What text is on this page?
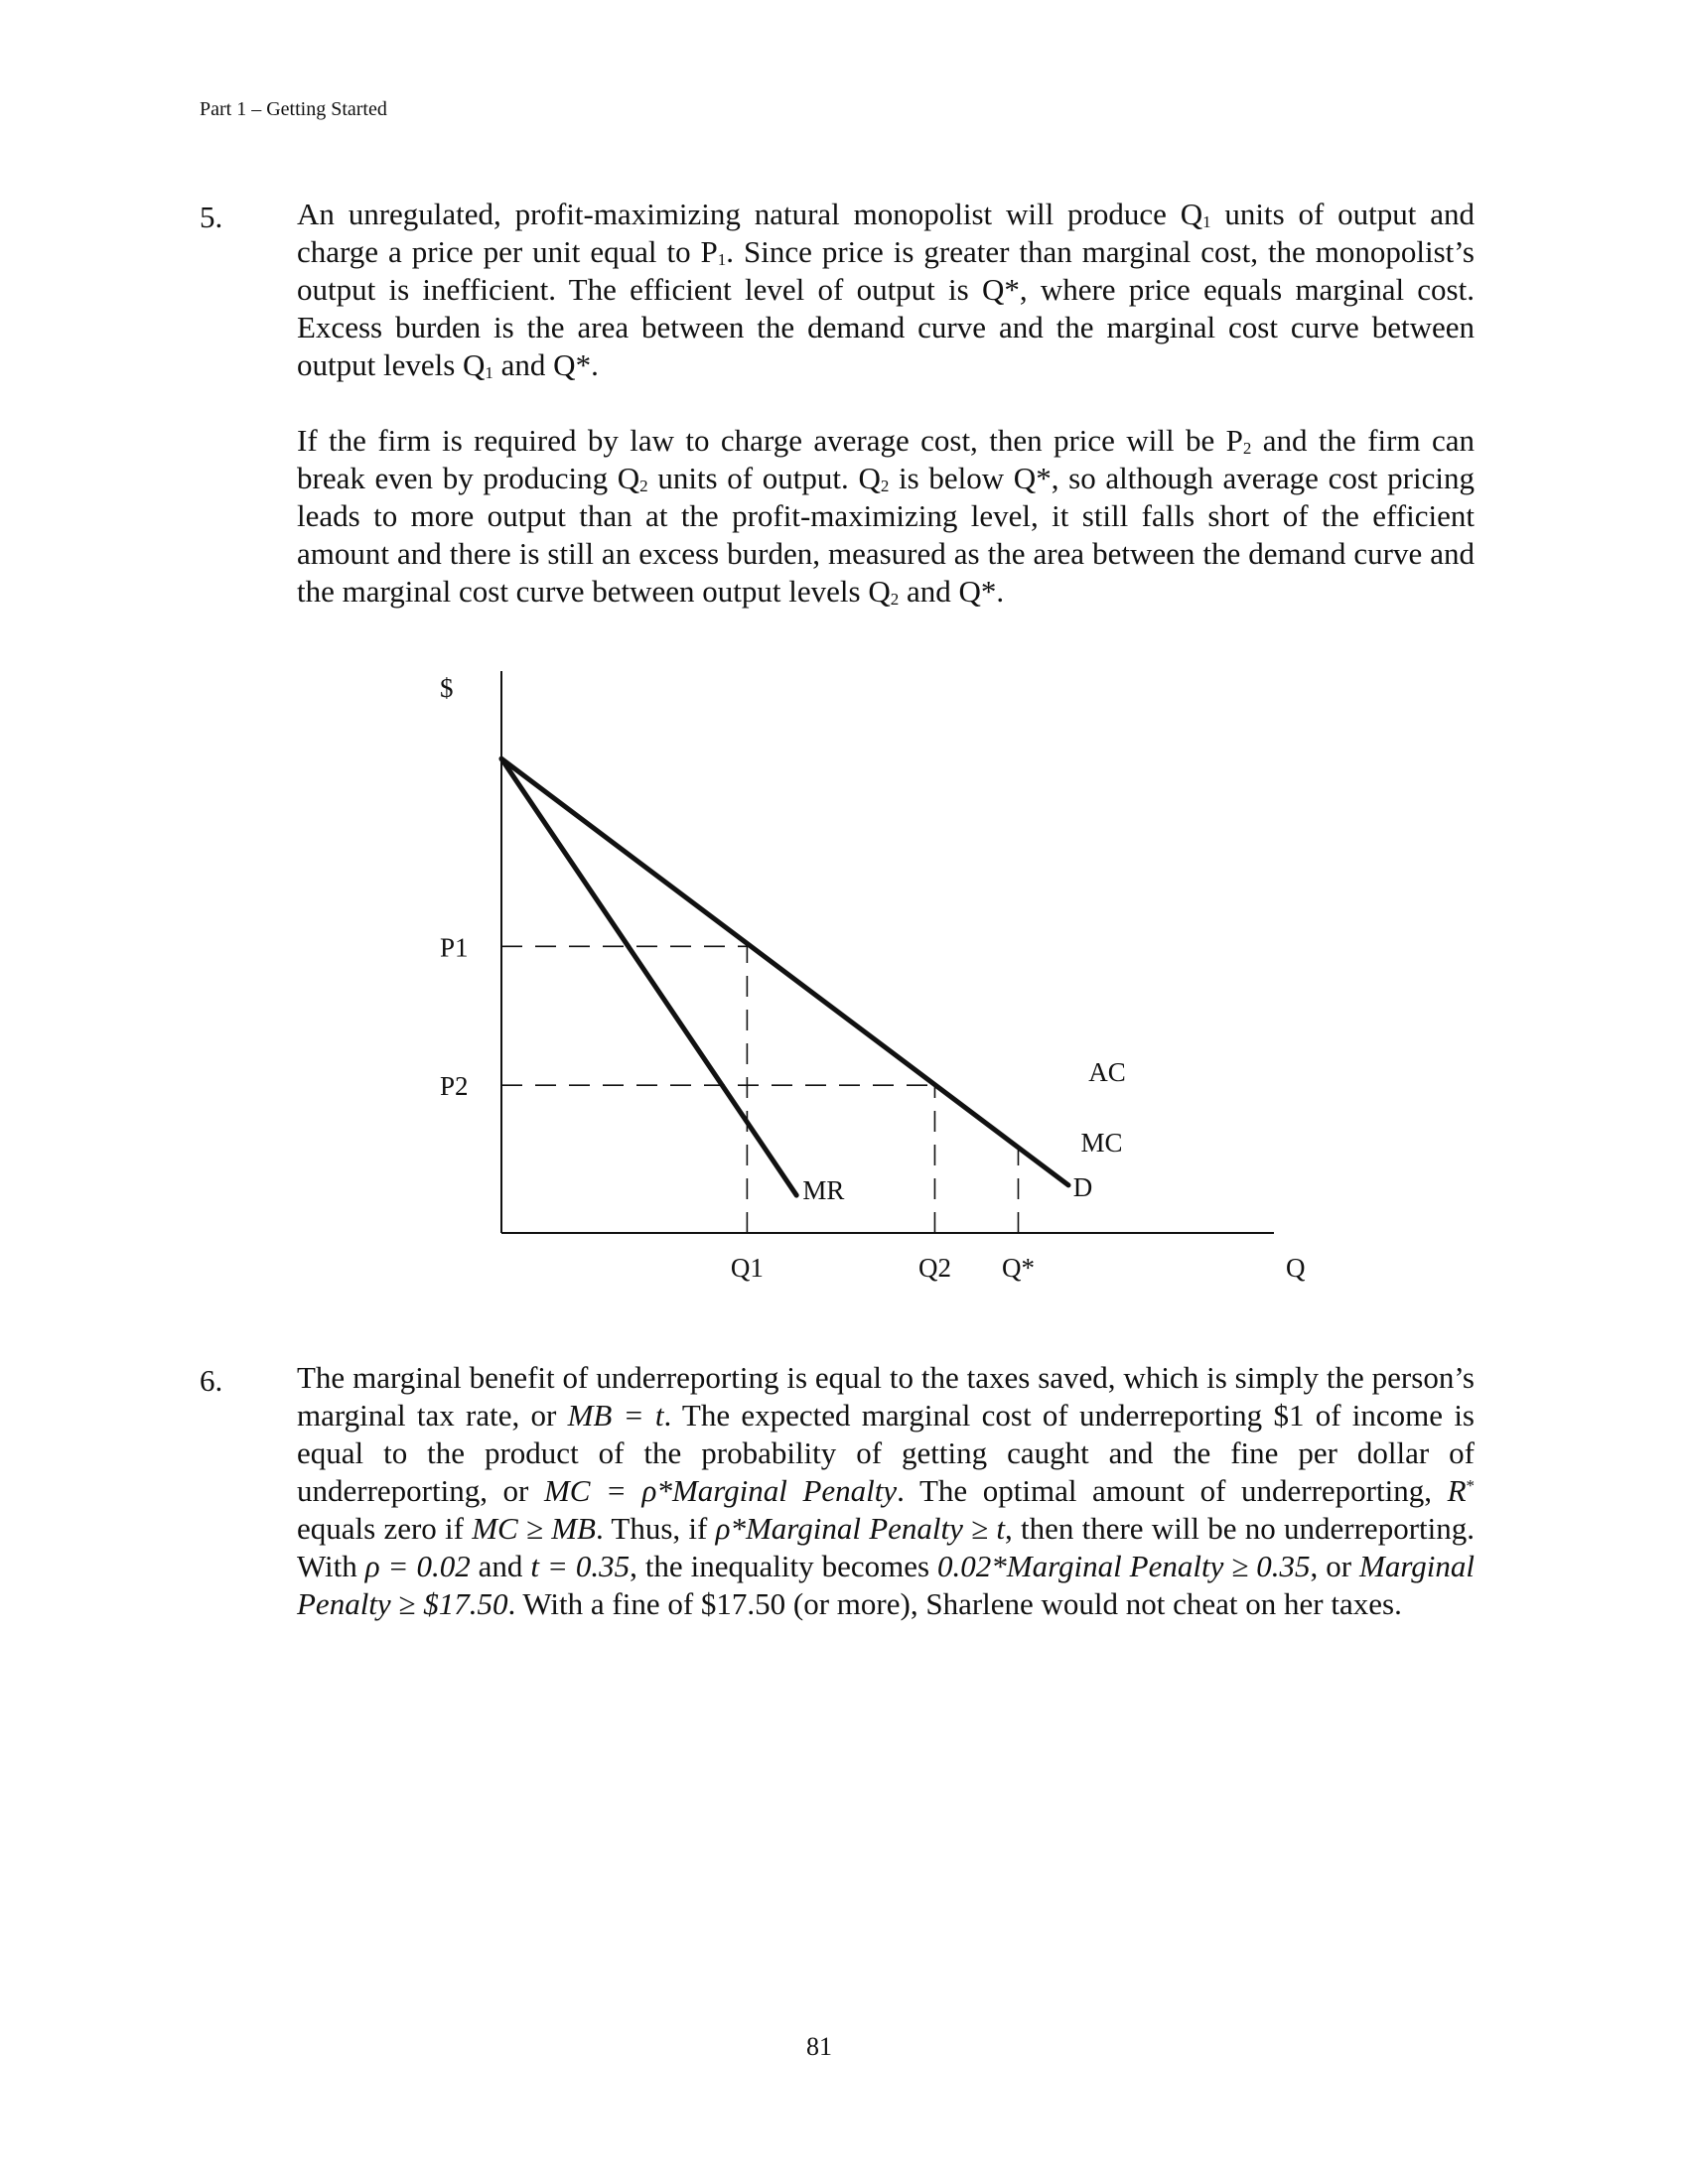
Part 1 – Getting Started
5. An unregulated, profit-maximizing natural monopolist will produce $Q_1$ units of output and charge a price per unit equal to $P_1$. Since price is greater than marginal cost, the monopolist’s output is inefficient. The efficient level of output is Q*, where price equals marginal cost. Excess burden is the area between the demand curve and the marginal cost curve between output levels $Q_1$ and Q*.

If the firm is required by law to charge average cost, then price will be $P_2$ and the firm can break even by producing $Q_2$ units of output. $Q_2$ is below Q*, so although average cost pricing leads to more output than at the profit-maximizing level, it still falls short of the efficient amount and there is still an excess burden, measured as the area between the demand curve and the marginal cost curve between output levels $Q_2$ and Q*.

$
Q
P1
P2
Q1	Q2 Q*
AC
MC
D
MR
6. The marginal benefit of underreporting is equal to the taxes saved, which is simply the person’s marginal tax rate, or MB = t. The expected marginal cost of underreporting $1 of income is equal to the product of the probability of getting caught and the fine per dollar of underreporting, or MC = ρ*Marginal Penalty. The optimal amount of underreporting, R* equals zero if MC ≥ MB. Thus, if ρ*Marginal Penalty ≥ t, then there will be no underreporting. With ρ = 0.02 and t = 0.35, the inequality becomes 0.02*Marginal Penalty ≥ 0.35, or Marginal Penalty ≥ $17.50. With a fine of $17.50 (or more), Sharlene would not cheat on her taxes.

81
